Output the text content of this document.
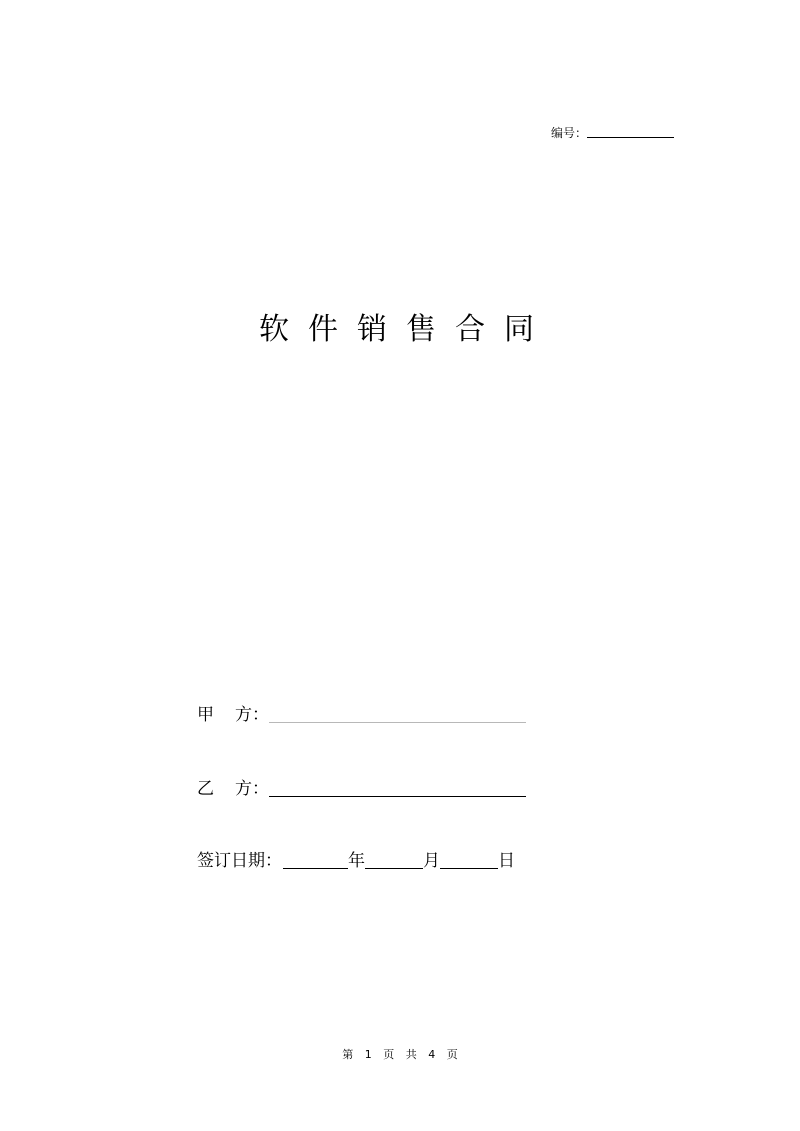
编号：
软件销售合同
甲 方：
乙 方：
签订日期：	年	月	日
第 1 页 共 4 页
